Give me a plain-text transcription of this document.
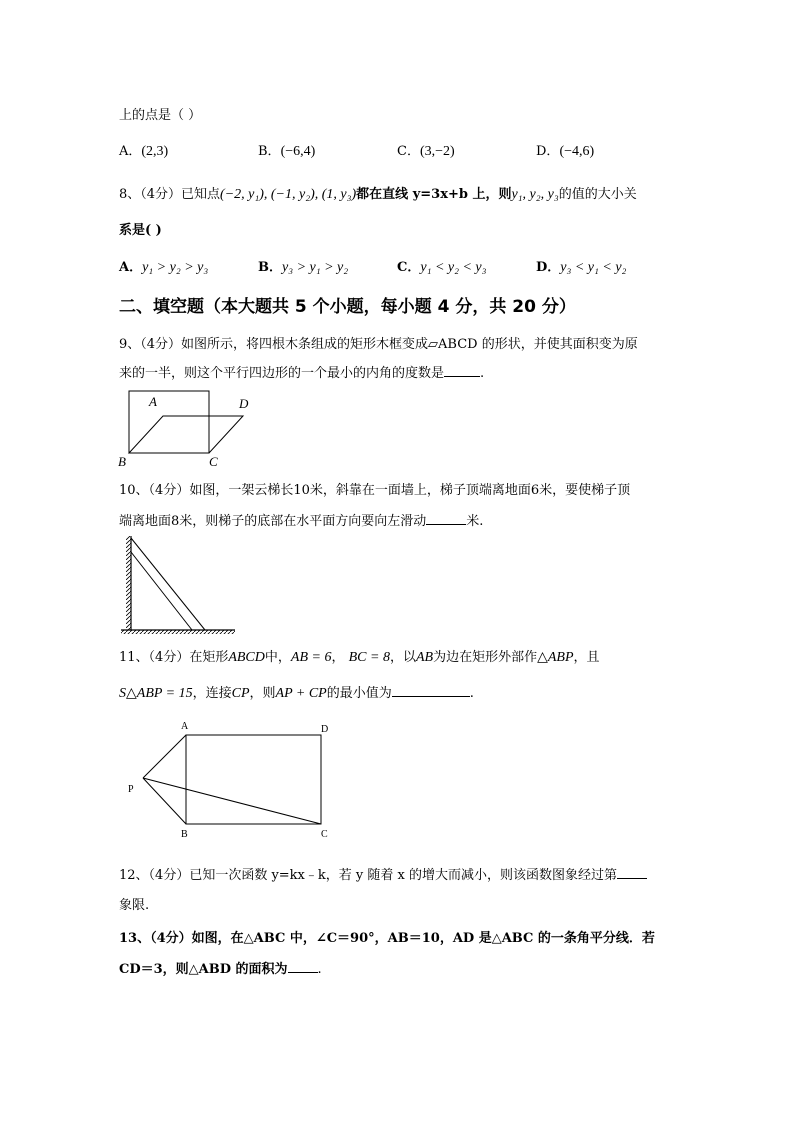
上的点是（ ）
A．(2,3)	B．(−6,4)	C．(3,−2)	D．(−4,6)
8、（4分）已知点(−2, y₁), (−1, y₂), (1, y₃)都在直线 y=3x+b 上，则y₁, y₂, y₃的值的大小关
系是( )
A．y₁ > y₂ > y₃	B．y₃ > y₁ > y₂	C．y₁ < y₂ < y₃	D．y₃ < y₁ < y₂
二、填空题（本大题共 5 个小题，每小题 4 分，共 20 分）
9、（4分）如图所示，将四根木条组成的矩形木框变成▱ABCD 的形状，并使其面积变为原
来的一半，则这个平行四边形的一个最小的内角的度数是	.
A	D
B	C
10、（4分）如图，一架云梯长10米，斜靠在一面墙上，梯子顶端离地面6米，要使梯子顶
端离地面8米，则梯子的底部在水平面方向要向左滑动	米.
11、（4分）在矩形ABCD中，AB = 6， BC = 8，以AB为边在矩形外部作△ABP，且
S△ABP = 15，连接CP，则AP + CP的最小值为	.
A	D
P
B	C
12、（4分）已知一次函数 y=kx﹣k，若 y 随着 x 的增大而减小，则该函数图象经过第
象限.
13、（4分）如图，在△ABC 中，∠C＝90°，AB＝10，AD 是△ABC 的一条角平分线．若
CD＝3，则△ABD 的面积为 .
